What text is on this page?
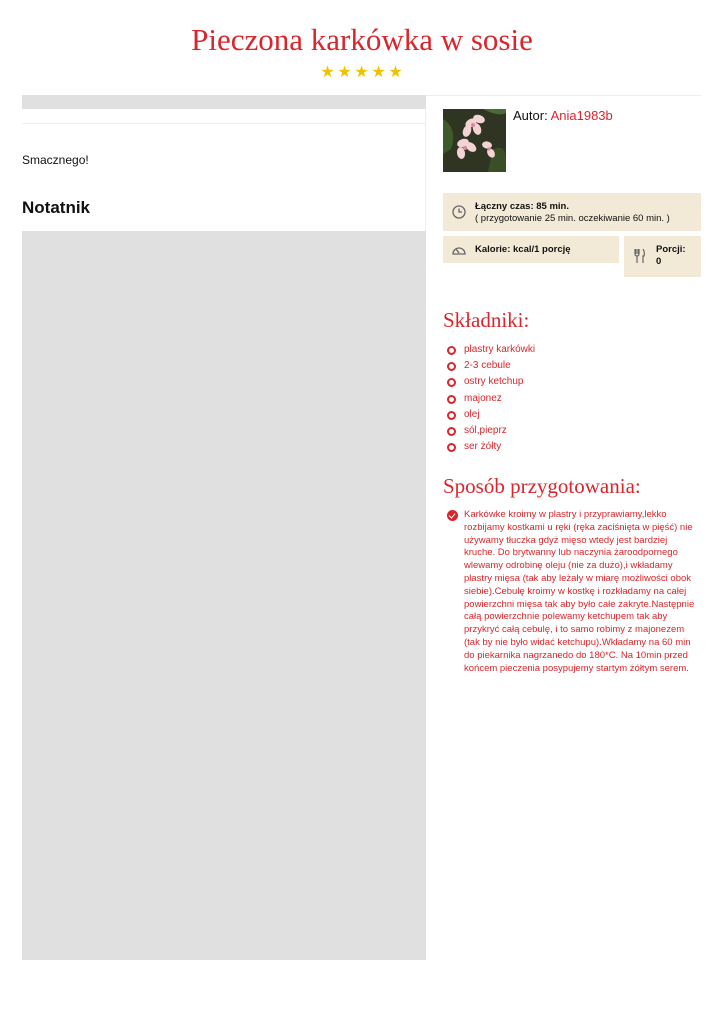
Pieczona karkówka w sosie
★ ★ ★ ★ ★
Smacznego!
Notatnik
Autor: Ania1983b
Łączny czas: 85 min.
( przygotowanie 25 min. oczekiwanie 60 min. )
Kalorie: kcal/1 porcję	Porcji:
0
Składniki:
plastry karkówki
2-3 cebule
ostry ketchup
majonez
olej
sól,pieprz
ser żółty
Sposób przygotowania:
Karkówke kroimy w plastry i przyprawiamy,lekko rozbijamy kostkami u ręki (ręka zaciśnięta w pięść) nie używamy tłuczka gdyż mięso wtedy jest bardziej kruche. Do brytwanny lub naczynia żaroodpornego wlewamy odrobinę oleju (nie za dużo),i wkładamy plastry mięsa (tak aby leżały w miarę możliwości obok siebie).Cebulę kroimy w kostkę i rozkładamy na całej powierzchni mięsa tak aby było całe zakryte.Następnie całą powierzchnie polewamy ketchupem tak aby przykryć całą cebulę, i to samo robimy z majonezem (tak by nie było widać ketchupu).Wkładamy na 60 min do piekarnika nagrzanedo do 180*C. Na 10min przed końcem pieczenia posypujemy startym żółtym serem.
